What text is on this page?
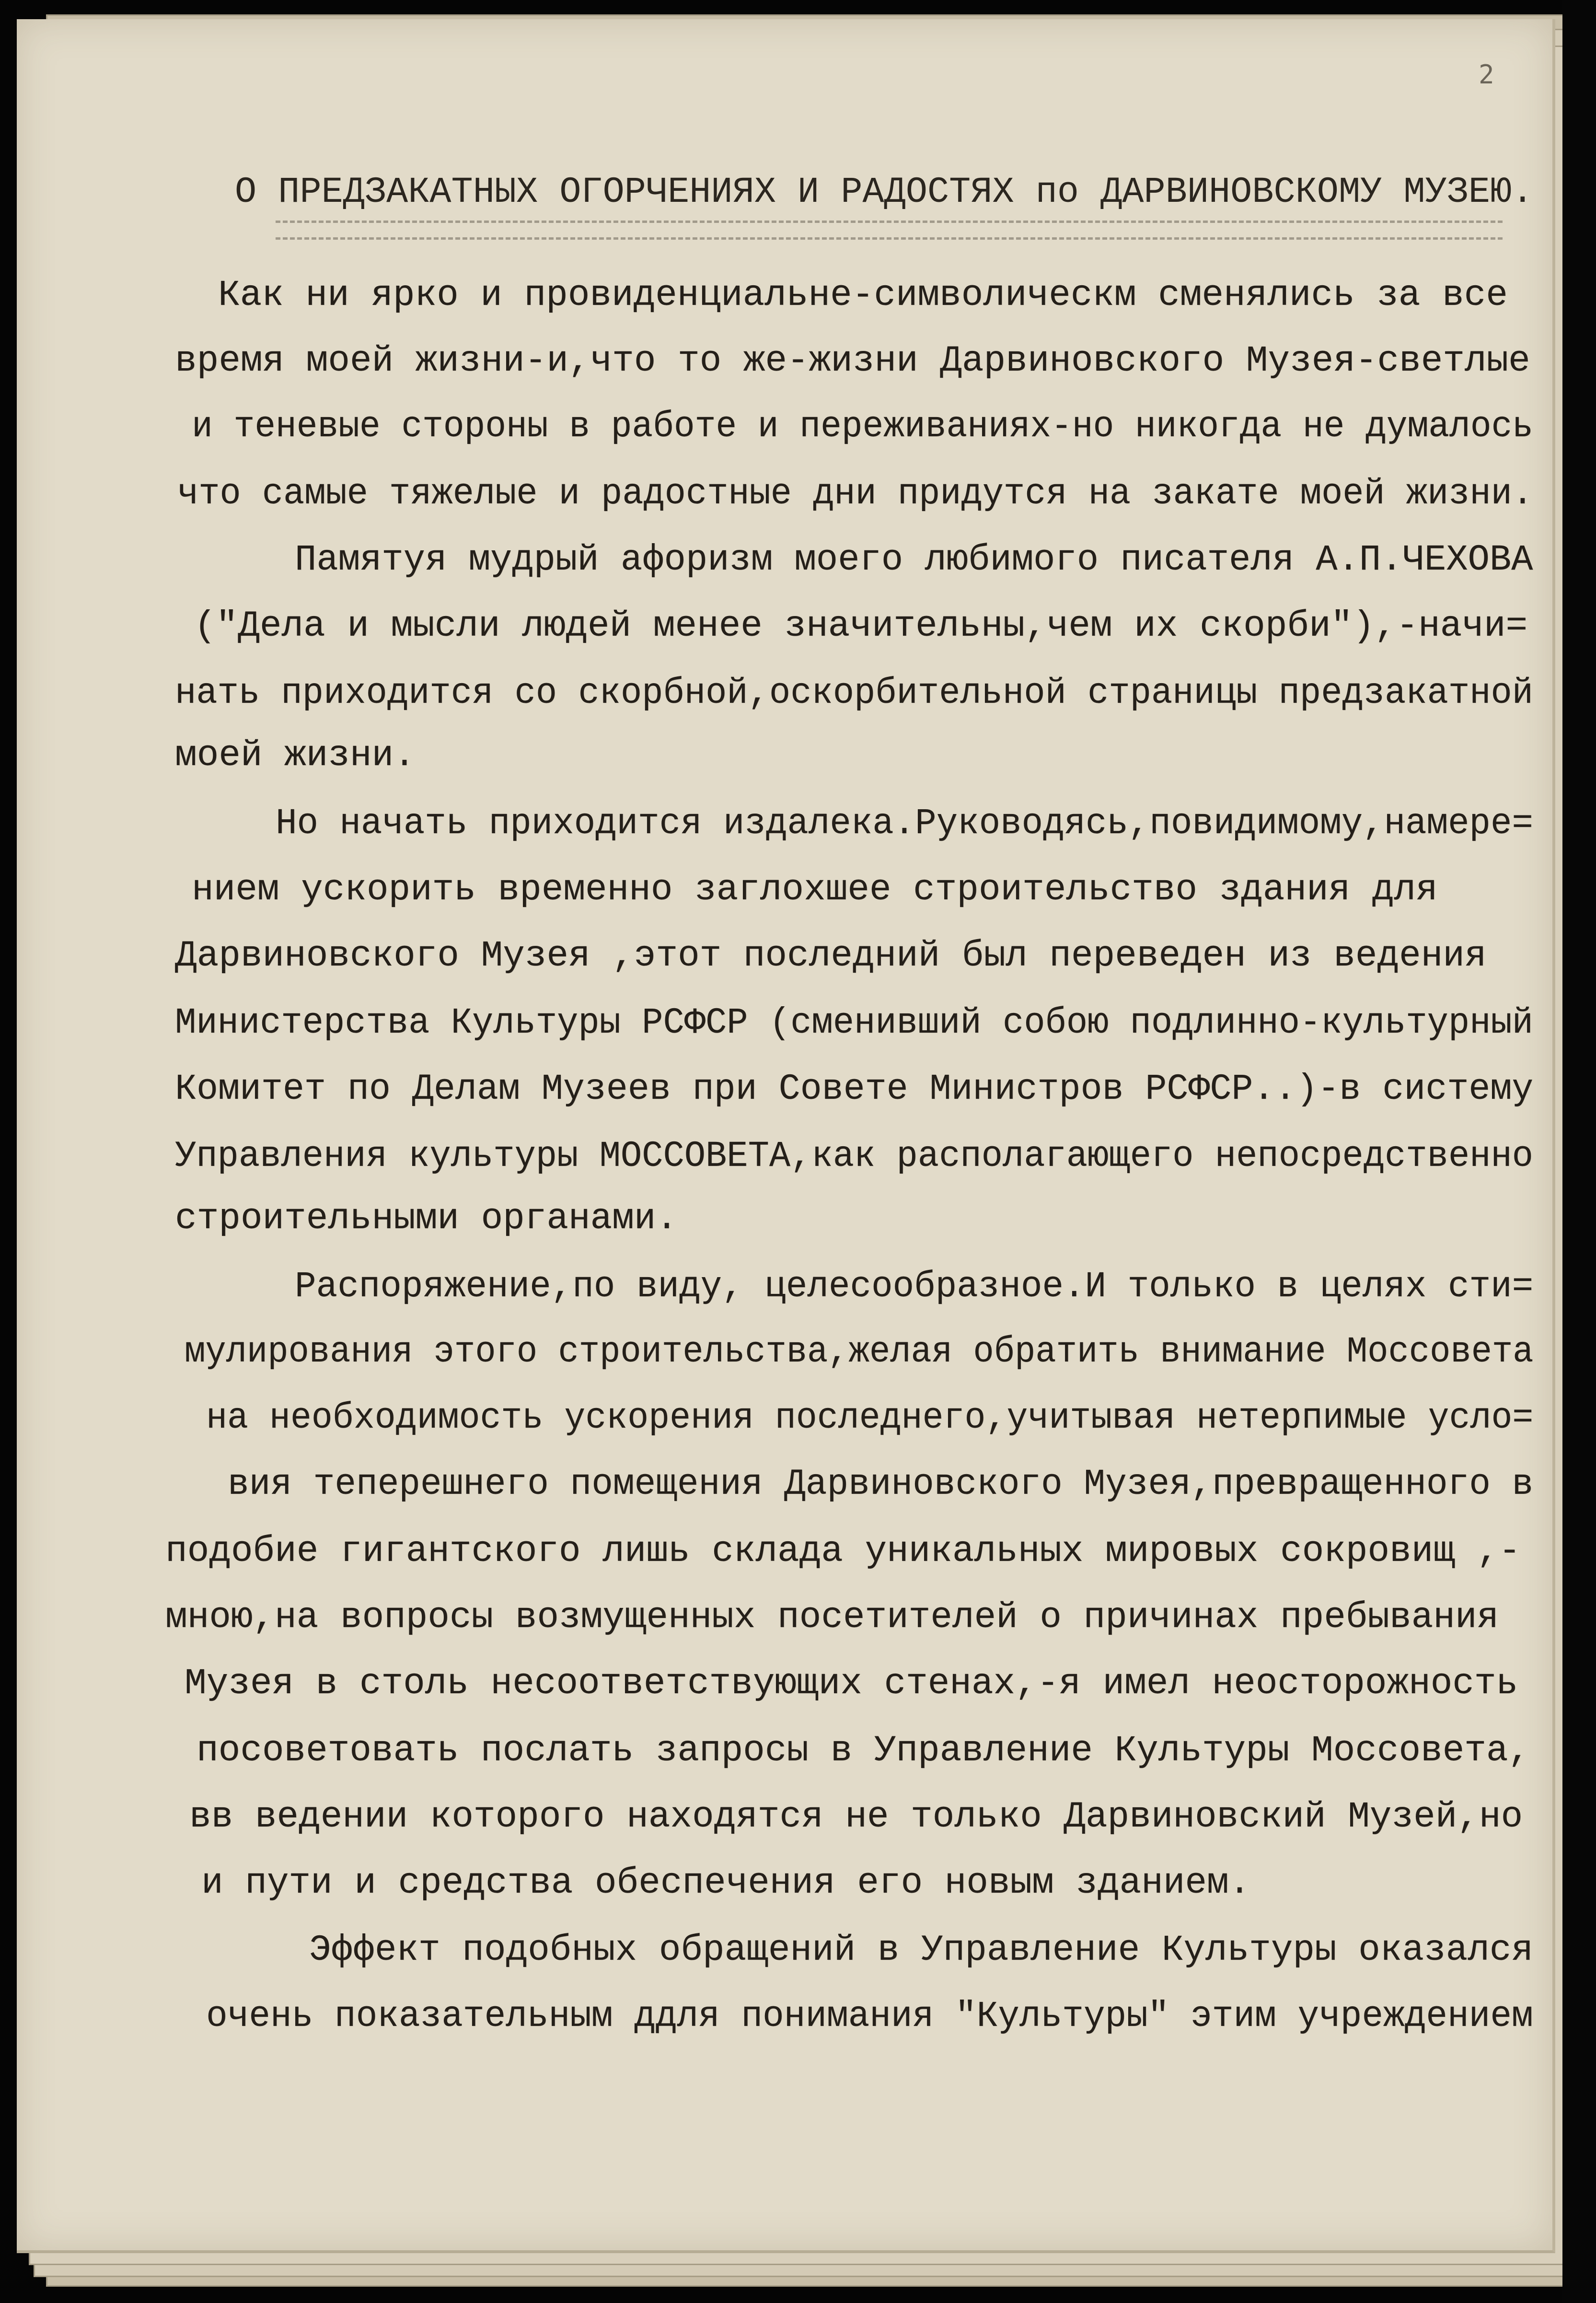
2
О ПРЕДЗАКАТНЫХ ОГОРЧЕНИЯХ И РАДОСТЯХ по ДАРВИНОВСКОМУ МУЗЕЮ.

Как ни ярко и провиденциальне-символическм сменялись за все

время моей жизни-и,что то же-жизни Дарвиновского Музея-светлые

и теневые стороны в работе и переживаниях-но никогда не думалось

что самые тяжелые и радостные дни придутся на закате моей жизни.

Памятуя мудрый афоризм моего любимого писателя А.П.ЧЕХОВА

("Дела и мысли людей менее значительны,чем их скорби"),-начи=

нать приходится со скорбной,оскорбительной страницы предзакатной

моей жизни.

Но начать приходится издалека.Руководясь,повидимому,намере=

нием ускорить временно заглохшее строительство здания для

Дарвиновского Музея ,этот последний был переведен из ведения

Министерства Культуры РСФСР (сменивший собою подлинно-культурный

Комитет по Делам Музеев при Совете Министров РСФСР..)-в систему

Управления культуры МОССОВЕТА,как располагающего непосредственно

строительными органами.

Распоряжение,по виду, целесообразное.И только в целях сти=

мулирования этого строительства,желая обратить внимание Моссовета

на необходимость ускорения последнего,учитывая нетерпимые усло=

вия теперешнего помещения Дарвиновского Музея,превращенного в

подобие гигантского лишь склада уникальных мировых сокровищ ,-

мною,на вопросы возмущенных посетителей о причинах пребывания

Музея в столь несоответствующих стенах,-я имел неосторожность

посоветовать послать запросы в Управление Культуры Моссовета,

вв ведении которого находятся не только Дарвиновский Музей,но

и пути и средства обеспечения его новым зданием.

Эффект подобных обращений в Управление Культуры оказался

очень показательным ддля понимания "Культуры" этим учреждением
